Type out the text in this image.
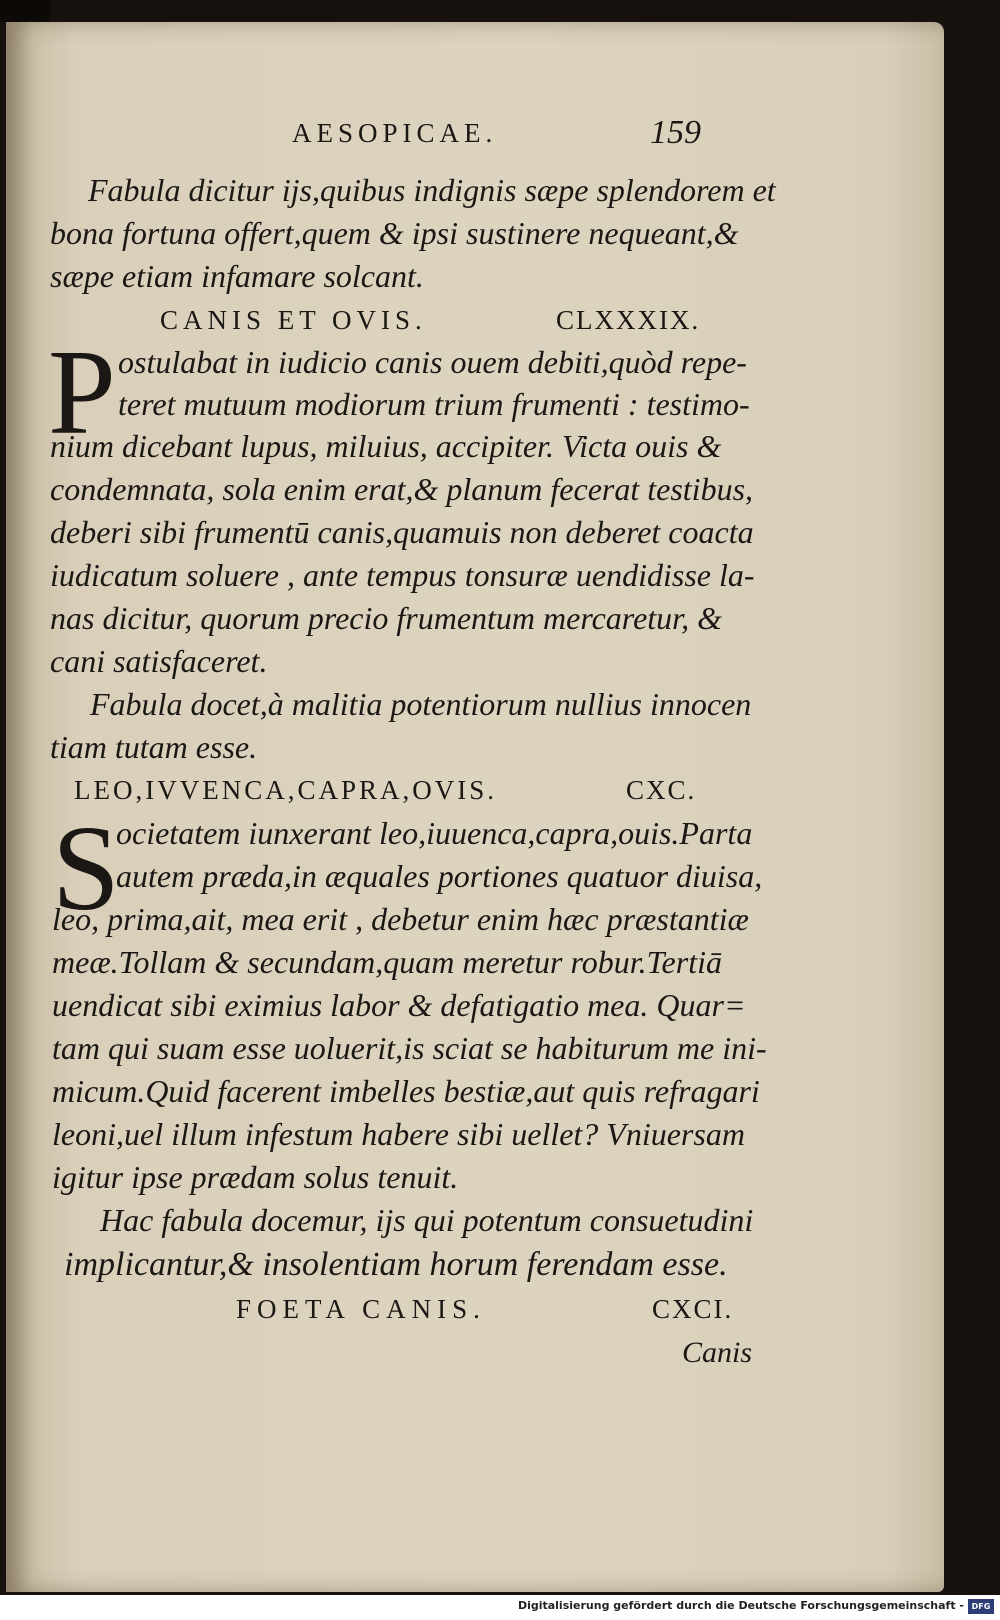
AESOPICAE.	159
Fabula dicitur ijs,quibus indignis sæpe splendorem et
bona fortuna offert,quem & ipsi sustinere nequeant,&
sæpe etiam infamare solcant.
CANIS ET OVIS.	CLXXXIX.
P ostulabat in iudicio canis ouem debiti,quòd repe-
teret mutuum modiorum trium frumenti : testimo-
nium dicebant lupus, miluius, accipiter. Victa ouis &
condemnata, sola enim erat,& planum fecerat testibus,
deberi sibi frumentū canis,quamuis non deberet coacta
iudicatum soluere , ante tempus tonsuræ uendidisse la-
nas dicitur, quorum precio frumentum mercaretur, &
cani satisfaceret.
Fabula docet,à malitia potentiorum nullius innocen
tiam tutam esse.
LEO,IVVENCA,CAPRA,OVIS.	CXC.
S
ocietatem iunxerant leo,iuuenca,capra,ouis.Parta
autem præda,in æquales portiones quatuor diuisa,
leo, prima,ait, mea erit , debetur enim hæc præstantiæ
meæ.Tollam & secundam,quam meretur robur.Tertiā
uendicat sibi eximius labor & defatigatio mea. Quar=
tam qui suam esse uoluerit,is sciat se habiturum me ini-
micum.Quid facerent imbelles bestiæ,aut quis refragari
leoni,uel illum infestum habere sibi uellet? Vniuersam
igitur ipse prædam solus tenuit.
Hac fabula docemur, ijs qui potentum consuetudini
implicantur,& insolentiam horum ferendam esse.
FOETA CANIS.	CXCI.
Canis
Digitalisierung gefördert durch die Deutsche Forschungsgemeinschaft - DFG
